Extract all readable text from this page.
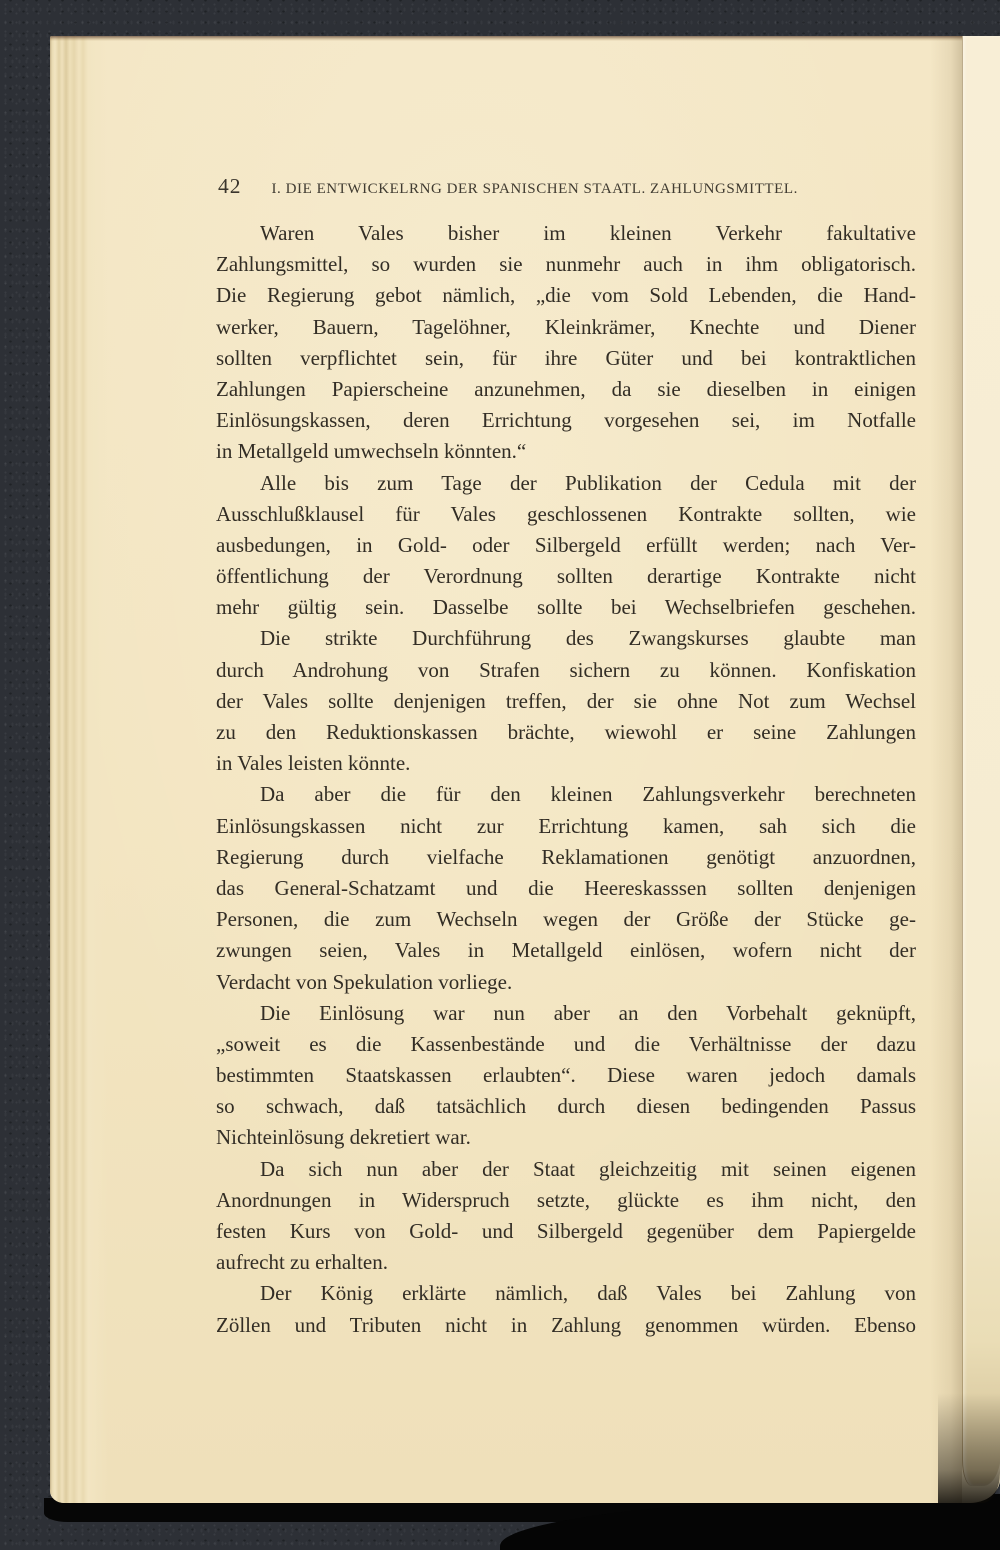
42 I. DIE ENTWICKELRNG DER SPANISCHEN STAATL. ZAHLUNGSMITTEL.
Waren Vales bisher im kleinen Verkehr fakultative
Zahlungsmittel, so wurden sie nunmehr auch in ihm obligatorisch.
Die Regierung gebot nämlich, „die vom Sold Lebenden, die Hand-
werker, Bauern, Tagelöhner, Kleinkrämer, Knechte und Diener
sollten verpflichtet sein, für ihre Güter und bei kontraktlichen
Zahlungen Papierscheine anzunehmen, da sie dieselben in einigen
Einlösungskassen, deren Errichtung vorgesehen sei, im Notfalle
in Metallgeld umwechseln könnten.“
Alle bis zum Tage der Publikation der Cedula mit der
Ausschlußklausel für Vales geschlossenen Kontrakte sollten, wie
ausbedungen, in Gold- oder Silbergeld erfüllt werden; nach Ver-
öffentlichung der Verordnung sollten derartige Kontrakte nicht
mehr gültig sein. Dasselbe sollte bei Wechselbriefen geschehen.
Die strikte Durchführung des Zwangskurses glaubte man
durch Androhung von Strafen sichern zu können. Konfiskation
der Vales sollte denjenigen treffen, der sie ohne Not zum Wechsel
zu den Reduktionskassen brächte, wiewohl er seine Zahlungen
in Vales leisten könnte.
Da aber die für den kleinen Zahlungsverkehr berechneten
Einlösungskassen nicht zur Errichtung kamen, sah sich die
Regierung durch vielfache Reklamationen genötigt anzuordnen,
das General-Schatzamt und die Heereskasssen sollten denjenigen
Personen, die zum Wechseln wegen der Größe der Stücke ge-
zwungen seien, Vales in Metallgeld einlösen, wofern nicht der
Verdacht von Spekulation vorliege.
Die Einlösung war nun aber an den Vorbehalt geknüpft,
„soweit es die Kassenbestände und die Verhältnisse der dazu
bestimmten Staatskassen erlaubten“. Diese waren jedoch damals
so schwach, daß tatsächlich durch diesen bedingenden Passus
Nichteinlösung dekretiert war.
Da sich nun aber der Staat gleichzeitig mit seinen eigenen
Anordnungen in Widerspruch setzte, glückte es ihm nicht, den
festen Kurs von Gold- und Silbergeld gegenüber dem Papiergelde
aufrecht zu erhalten.
Der König erklärte nämlich, daß Vales bei Zahlung von
Zöllen und Tributen nicht in Zahlung genommen würden. Ebenso
